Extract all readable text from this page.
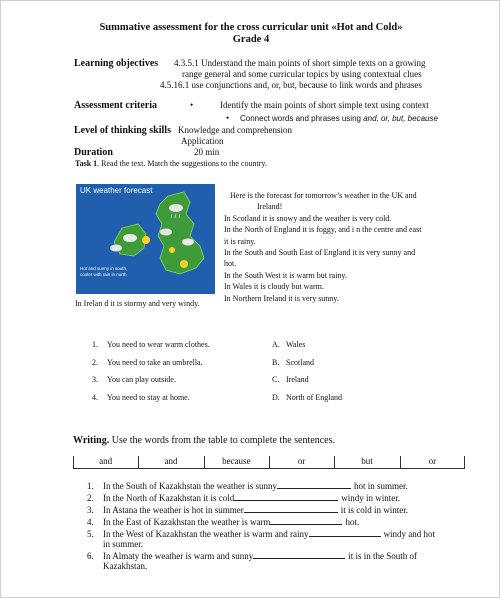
Summative assessment for the cross curricular unit «Hot and Cold»
Grade 4
Learning objectives 4.3.5.1 Understand the main points of short simple texts on a growing
range general and some curricular topics by using contextual clues
4.5.16.1 use conjunctions and, or, but, because to link words and phrases
Assessment criteria	•	Identify the main points of short simple text using context
• Connect words and phrases using and, or, but, because
Level of thinking skills Knowledge and comprehension
Application
Duration	20 min
Task 1. Read the text. Match the suggestions to the country.
UK weather forecast
Hot and sunny in south, cooler with rain in north
Here is the forecast for tomorrow’s weather in the UK and
Ireland!
In Scotland it is snowy and the weather is very cold.
In the North of England it is foggy, and i n the centre and east
it is rainy.
In the South and South East of England it is very sunny and
hot.
In the South West it is warm but rainy.
In Wales it is cloudy but warm.
In Northern Ireland it is very sunny.
In Irelan d it is stormy and very windy.
1. You need to wear warm clothes.
2. You need to take an umbrella.
3. You can play outside.
4. You need to stay at home.
A. Wales
B. Scotland
C. Ireland
D. North of England
Writing. Use the words from the table to complete the sentences.
and	and	because	or	but	or
1. In the South of Kazakhstan the weather is sunny	hot in summer.
2. In the North of Kazakhstan it is cold	windy in winter.
3. In Astana the weather is hot in summer	it is cold in winter.
4. In the East of Kazakhstan the weather is warm	hot.
5. In the West of Kazakhstan the weather is warm and rainy	windy and hot
6. In Almaty the weather is warm and sunny	it is in the South of
in summer.
Kazakhstan.
